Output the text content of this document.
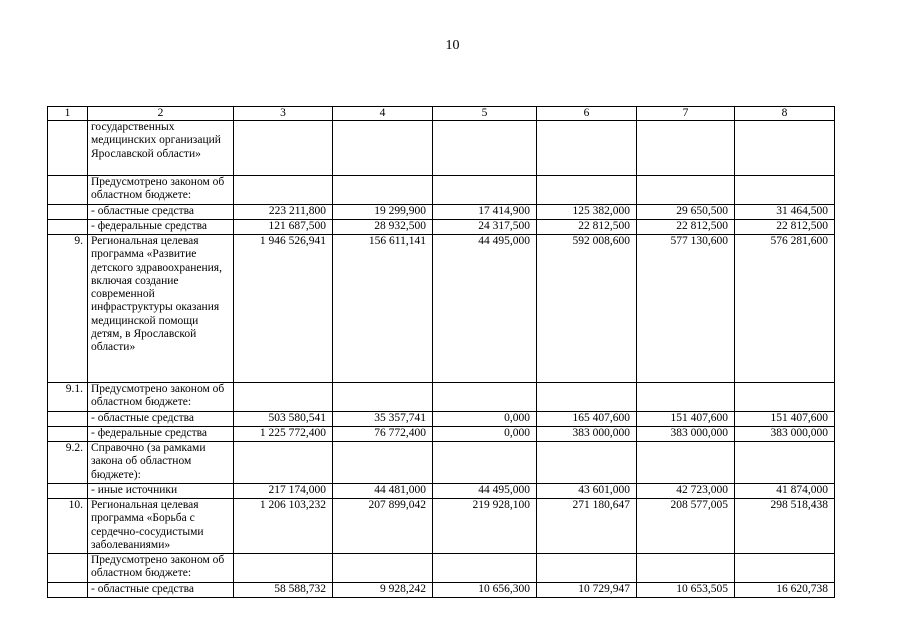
10
1	2	3	4	5	6	7	8
	государственных медицинских организаций Ярославской области»						
	Предусмотрено законом об областном бюджете:						
	- областные средства	223 211,800	19 299,900	17 414,900	125 382,000	29 650,500	31 464,500
	- федеральные средства	121 687,500	28 932,500	24 317,500	22 812,500	22 812,500	22 812,500
9.	Региональная целевая программа «Развитие детского здравоохранения, включая создание современной инфраструктуры оказания медицинской помощи детям, в Ярославской области»	1 946 526,941	156 611,141	44 495,000	592 008,600	577 130,600	576 281,600
9.1.	Предусмотрено законом об областном бюджете:						
	- областные средства	503 580,541	35 357,741	0,000	165 407,600	151 407,600	151 407,600
	- федеральные средства	1 225 772,400	76 772,400	0,000	383 000,000	383 000,000	383 000,000
9.2.	Справочно (за рамками закона об областном бюджете):						
	- иные источники	217 174,000	44 481,000	44 495,000	43 601,000	42 723,000	41 874,000
10.	Региональная целевая программа «Борьба с сердечно-сосудистыми заболеваниями»	1 206 103,232	207 899,042	219 928,100	271 180,647	208 577,005	298 518,438
	Предусмотрено законом об областном бюджете:						
	- областные средства	58 588,732	9 928,242	10 656,300	10 729,947	10 653,505	16 620,738
